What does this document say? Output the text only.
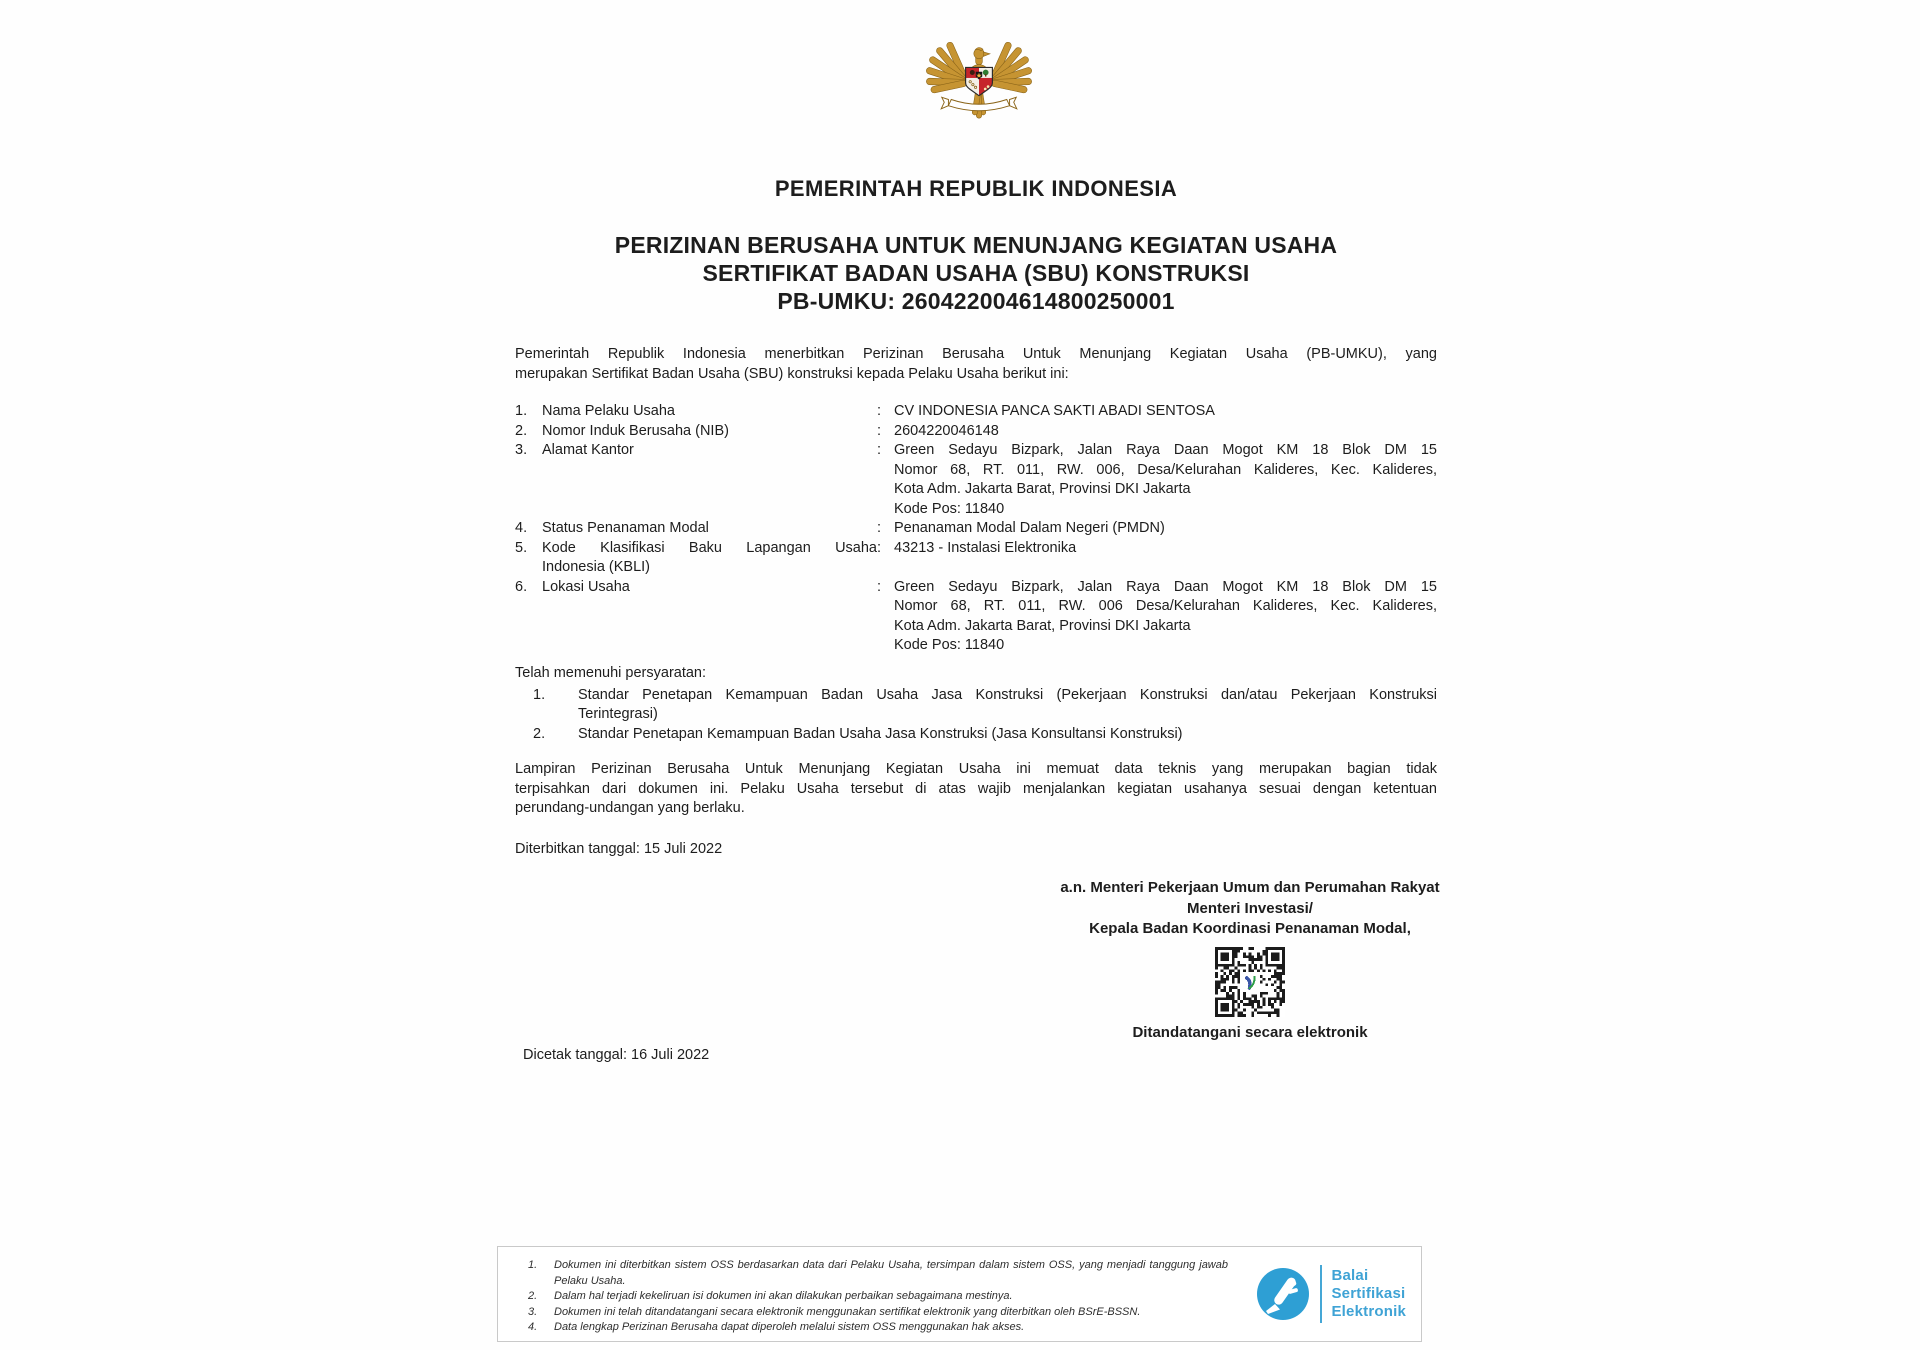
PEMERINTAH REPUBLIK INDONESIA
PERIZINAN BERUSAHA UNTUK MENUNJANG KEGIATAN USAHA
SERTIFIKAT BADAN USAHA (SBU) KONSTRUKSI
PB-UMKU: 260422004614800250001
Pemerintah Republik Indonesia menerbitkan Perizinan Berusaha Untuk Menunjang Kegiatan Usaha (PB-UMKU), yang
merupakan Sertifikat Badan Usaha (SBU) konstruksi kepada Pelaku Usaha berikut ini:
1.	Nama Pelaku Usaha	: CV INDONESIA PANCA SAKTI ABADI SENTOSA
2.	Nomor Induk Berusaha (NIB)	: 2604220046148
3.	Alamat Kantor	: Green Sedayu Bizpark, Jalan Raya Daan Mogot KM 18 Blok DM 15
Nomor 68, RT. 011, RW. 006, Desa/Kelurahan Kalideres, Kec. Kalideres,
Kota Adm. Jakarta Barat, Provinsi DKI Jakarta
Kode Pos: 11840
4.	Status Penanaman Modal	: Penanaman Modal Dalam Negeri (PMDN)
5.	Kode Klasifikasi Baku Lapangan Usaha
Indonesia (KBLI)
: 43213 - Instalasi Elektronika
6.	Lokasi Usaha	: Green Sedayu Bizpark, Jalan Raya Daan Mogot KM 18 Blok DM 15
Nomor 68, RT. 011, RW. 006 Desa/Kelurahan Kalideres, Kec. Kalideres,
Kota Adm. Jakarta Barat, Provinsi DKI Jakarta
Kode Pos: 11840
Telah memenuhi persyaratan:
1.	Standar Penetapan Kemampuan Badan Usaha Jasa Konstruksi (Pekerjaan Konstruksi dan/atau Pekerjaan Konstruksi
Terintegrasi)
2.	Standar Penetapan Kemampuan Badan Usaha Jasa Konstruksi (Jasa Konsultansi Konstruksi)
Lampiran Perizinan Berusaha Untuk Menunjang Kegiatan Usaha ini memuat data teknis yang merupakan bagian tidak
terpisahkan dari dokumen ini. Pelaku Usaha tersebut di atas wajib menjalankan kegiatan usahanya sesuai dengan ketentuan
perundang-undangan yang berlaku.
Diterbitkan tanggal: 15 Juli 2022
a.n. Menteri Pekerjaan Umum dan Perumahan Rakyat
Menteri Investasi/
Kepala Badan Koordinasi Penanaman Modal,
Ditandatangani secara elektronik
Dicetak tanggal: 16 Juli 2022
1.	Dokumen ini diterbitkan sistem OSS berdasarkan data dari Pelaku Usaha, tersimpan dalam sistem OSS, yang menjadi tanggung jawab
Pelaku Usaha.
2.	Dalam hal terjadi kekeliruan isi dokumen ini akan dilakukan perbaikan sebagaimana mestinya.
3.	Dokumen ini telah ditandatangani secara elektronik menggunakan sertifikat elektronik yang diterbitkan oleh BSrE-BSSN.
4.	Data lengkap Perizinan Berusaha dapat diperoleh melalui sistem OSS menggunakan hak akses.
Balai
Sertifikasi
Elektronik
